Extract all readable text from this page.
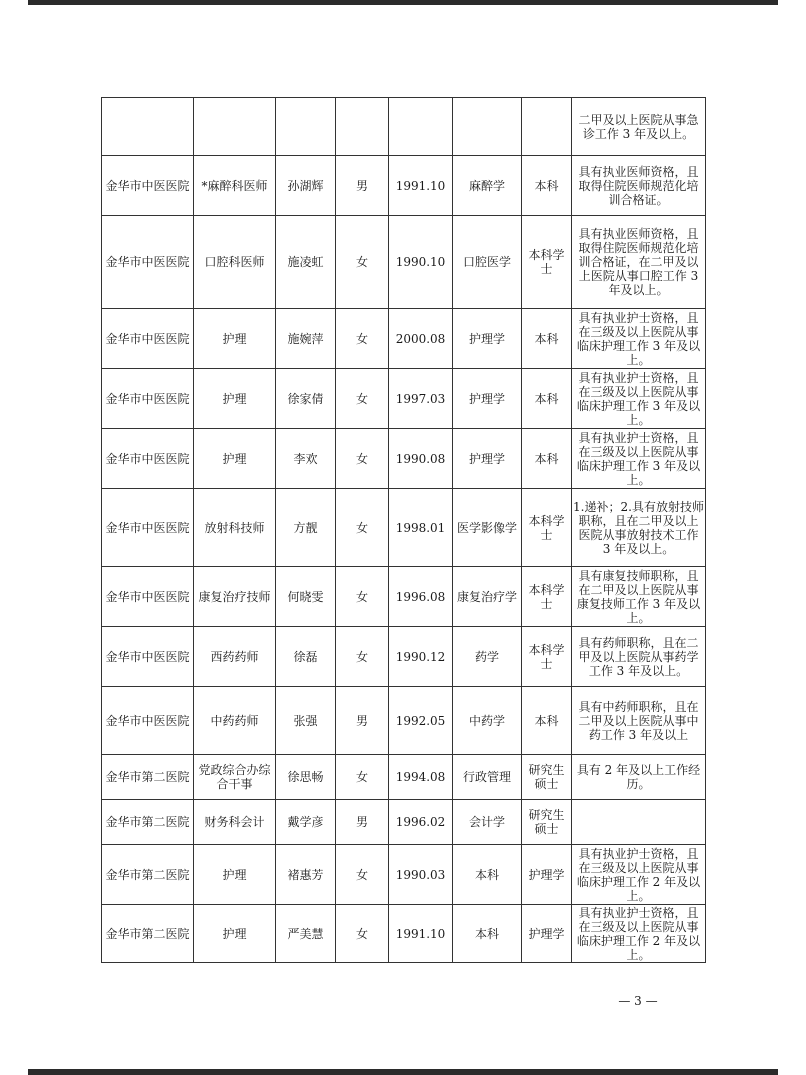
							二甲及以上医院从事急诊工作 3 年及以上。
金华市中医医院	*麻醉科医师	孙湖辉	男	1991.10	麻醉学	本科	具有执业医师资格，且取得住院医师规范化培训合格证。
金华市中医医院	口腔科医师	施凌虹	女	1990.10	口腔医学	本科学士	具有执业医师资格，且取得住院医师规范化培训合格证，在二甲及以上医院从事口腔工作 3 年及以上。
金华市中医医院	护理	施婉萍	女	2000.08	护理学	本科	具有执业护士资格，且在三级及以上医院从事临床护理工作 3 年及以上。
金华市中医医院	护理	徐家倩	女	1997.03	护理学	本科	具有执业护士资格，且在三级及以上医院从事临床护理工作 3 年及以上。
金华市中医医院	护理	李欢	女	1990.08	护理学	本科	具有执业护士资格，且在三级及以上医院从事临床护理工作 3 年及以上。
金华市中医医院	放射科技师	方靓	女	1998.01	医学影像学	本科学士	1.递补；2.具有放射技师职称，且在二甲及以上医院从事放射技术工作 3 年及以上。
金华市中医医院	康复治疗技师	何晓雯	女	1996.08	康复治疗学	本科学士	具有康复技师职称，且在二甲及以上医院从事康复技师工作 3 年及以上。
金华市中医医院	西药药师	徐磊	女	1990.12	药学	本科学士	具有药师职称，且在二甲及以上医院从事药学工作 3 年及以上。
金华市中医医院	中药药师	张强	男	1992.05	中药学	本科	具有中药师职称，且在二甲及以上医院从事中药工作 3 年及以上
金华市第二医院	党政综合办综合干事	徐思畅	女	1994.08	行政管理	研究生硕士	具有 2 年及以上工作经历。
金华市第二医院	财务科会计	戴学彦	男	1996.02	会计学	研究生硕士	
金华市第二医院	护理	褚惠芳	女	1990.03	本科	护理学	具有执业护士资格，且在三级及以上医院从事临床护理工作 2 年及以上。
金华市第二医院	护理	严美慧	女	1991.10	本科	护理学	具有执业护士资格，且在三级及以上医院从事临床护理工作 2 年及以上。
— 3 —
